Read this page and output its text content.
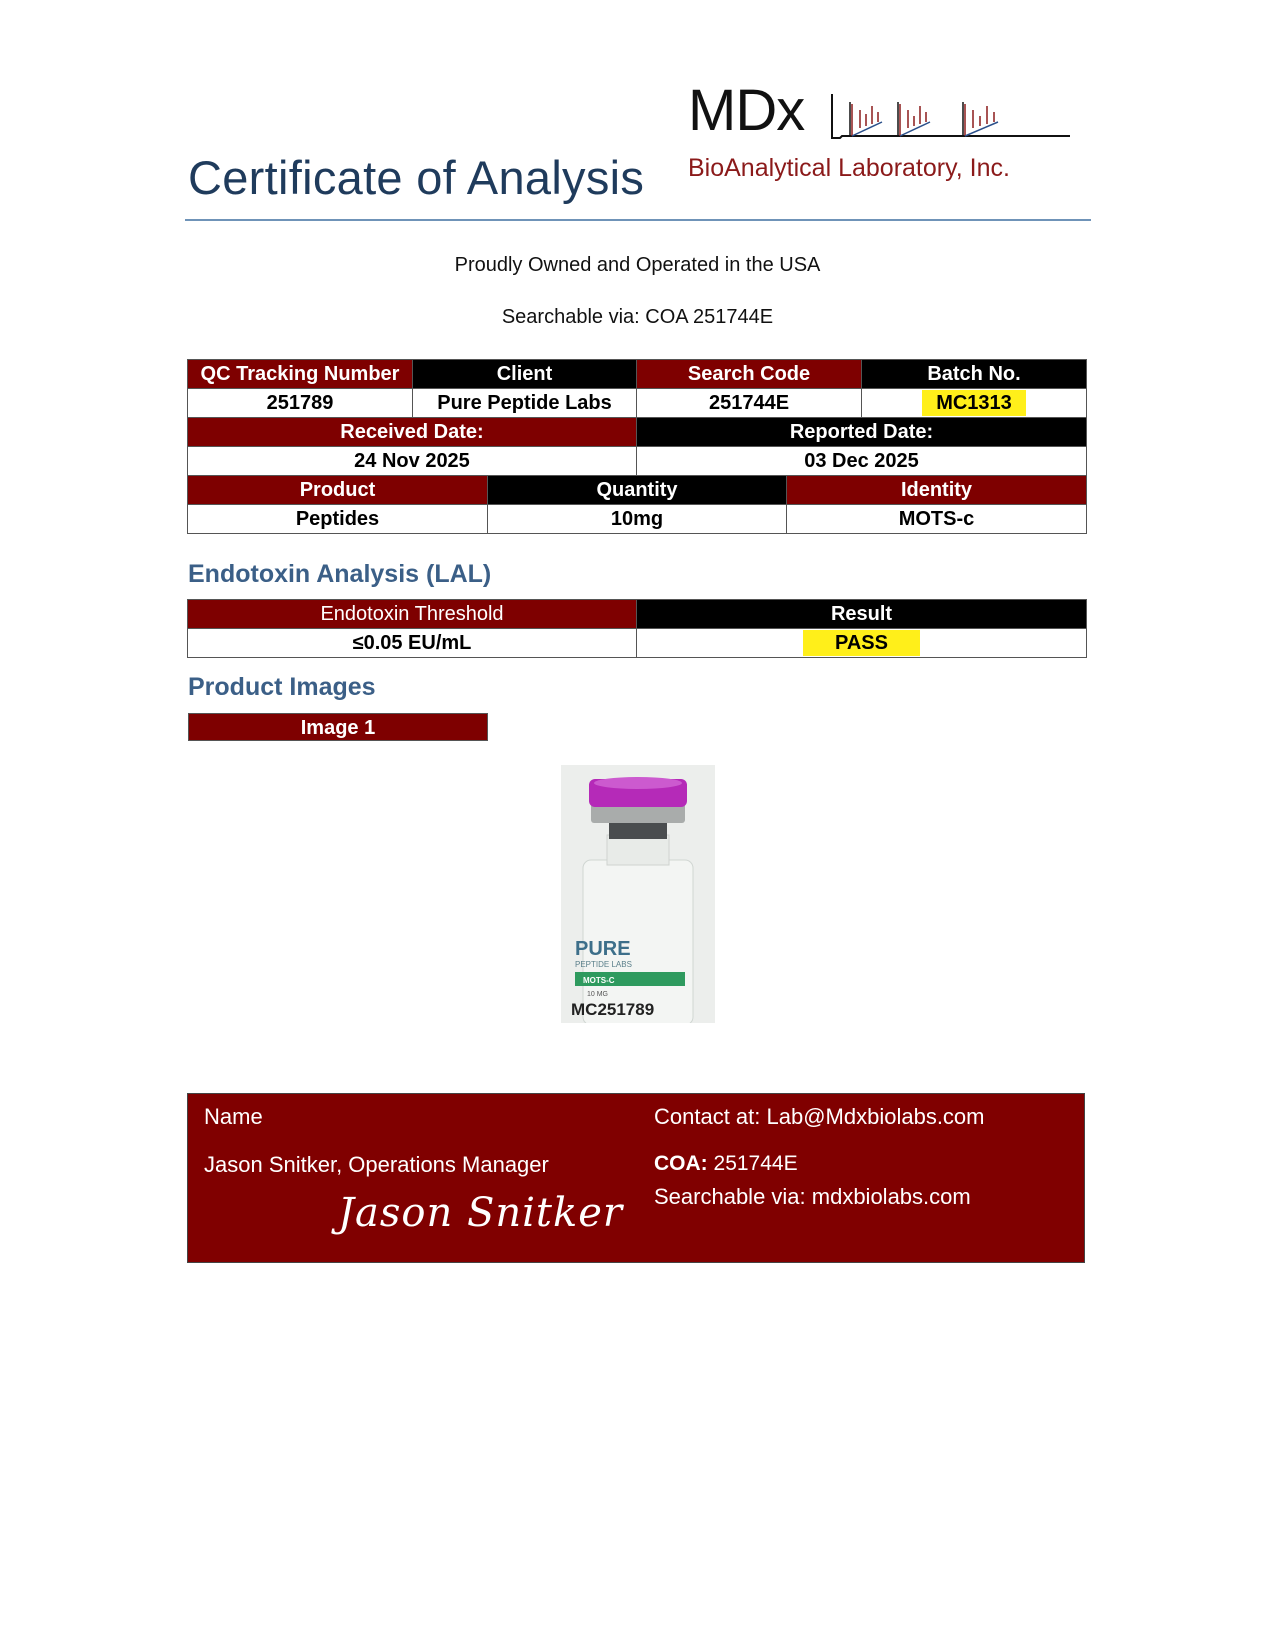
Certificate of Analysis
MDx
BioAnalytical Laboratory, Inc.
Proudly Owned and Operated in the USA
Searchable via: COA 251744E
QC Tracking Number	Client	Search Code	Batch No.
251789	Pure Peptide Labs	251744E	MC1313
Received Date:		Reported Date:	
24 Nov 2025		03 Dec 2025	
Product	Quantity	Identity
Peptides	10mg	MOTS-c
Endotoxin Analysis (LAL)
Endotoxin Threshold	Result
≤0.05 EU/mL	PASS
Product Images
Image 1
PURE
PEPTIDE LABS
MOTS-C
10 MG
MC251789
Name
Jason Snitker, Operations Manager
Jason Snitker
Contact at: Lab@Mdxbiolabs.com
COA: 251744E
Searchable via: mdxbiolabs.com
